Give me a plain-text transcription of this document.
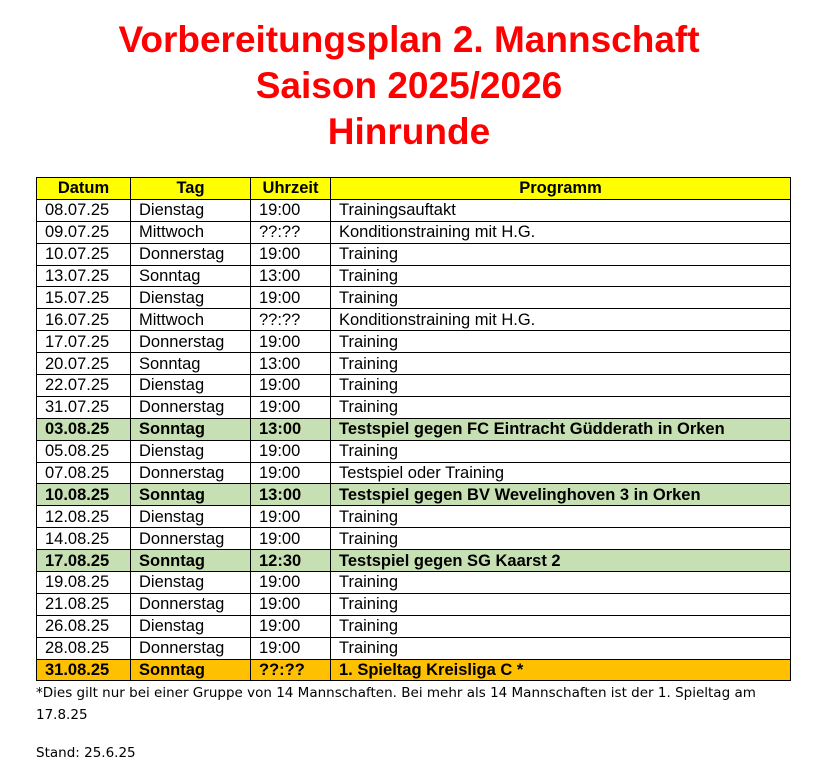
Vorbereitungsplan 2. Mannschaft
Saison 2025/2026
Hinrunde
Datum	Tag	Uhrzeit	Programm
08.07.25	Dienstag	19:00	Trainingsauftakt
09.07.25	Mittwoch	??:??	Konditionstraining mit H.G.
10.07.25	Donnerstag	19:00	Training
13.07.25	Sonntag	13:00	Training
15.07.25	Dienstag	19:00	Training
16.07.25	Mittwoch	??:??	Konditionstraining mit H.G.
17.07.25	Donnerstag	19:00	Training
20.07.25	Sonntag	13:00	Training
22.07.25	Dienstag	19:00	Training
31.07.25	Donnerstag	19:00	Training
03.08.25	Sonntag	13:00	Testspiel gegen FC Eintracht Güdderath in Orken
05.08.25	Dienstag	19:00	Training
07.08.25	Donnerstag	19:00	Testspiel oder Training
10.08.25	Sonntag	13:00	Testspiel gegen BV Wevelinghoven 3 in Orken
12.08.25	Dienstag	19:00	Training
14.08.25	Donnerstag	19:00	Training
17.08.25	Sonntag	12:30	Testspiel gegen SG Kaarst 2
19.08.25	Dienstag	19:00	Training
21.08.25	Donnerstag	19:00	Training
26.08.25	Dienstag	19:00	Training
28.08.25	Donnerstag	19:00	Training
31.08.25	Sonntag	??:??	1. Spieltag Kreisliga C *
*Dies gilt nur bei einer Gruppe von 14 Mannschaften. Bei mehr als 14 Mannschaften ist der 1. Spieltag am 17.8.25
Stand: 25.6.25
